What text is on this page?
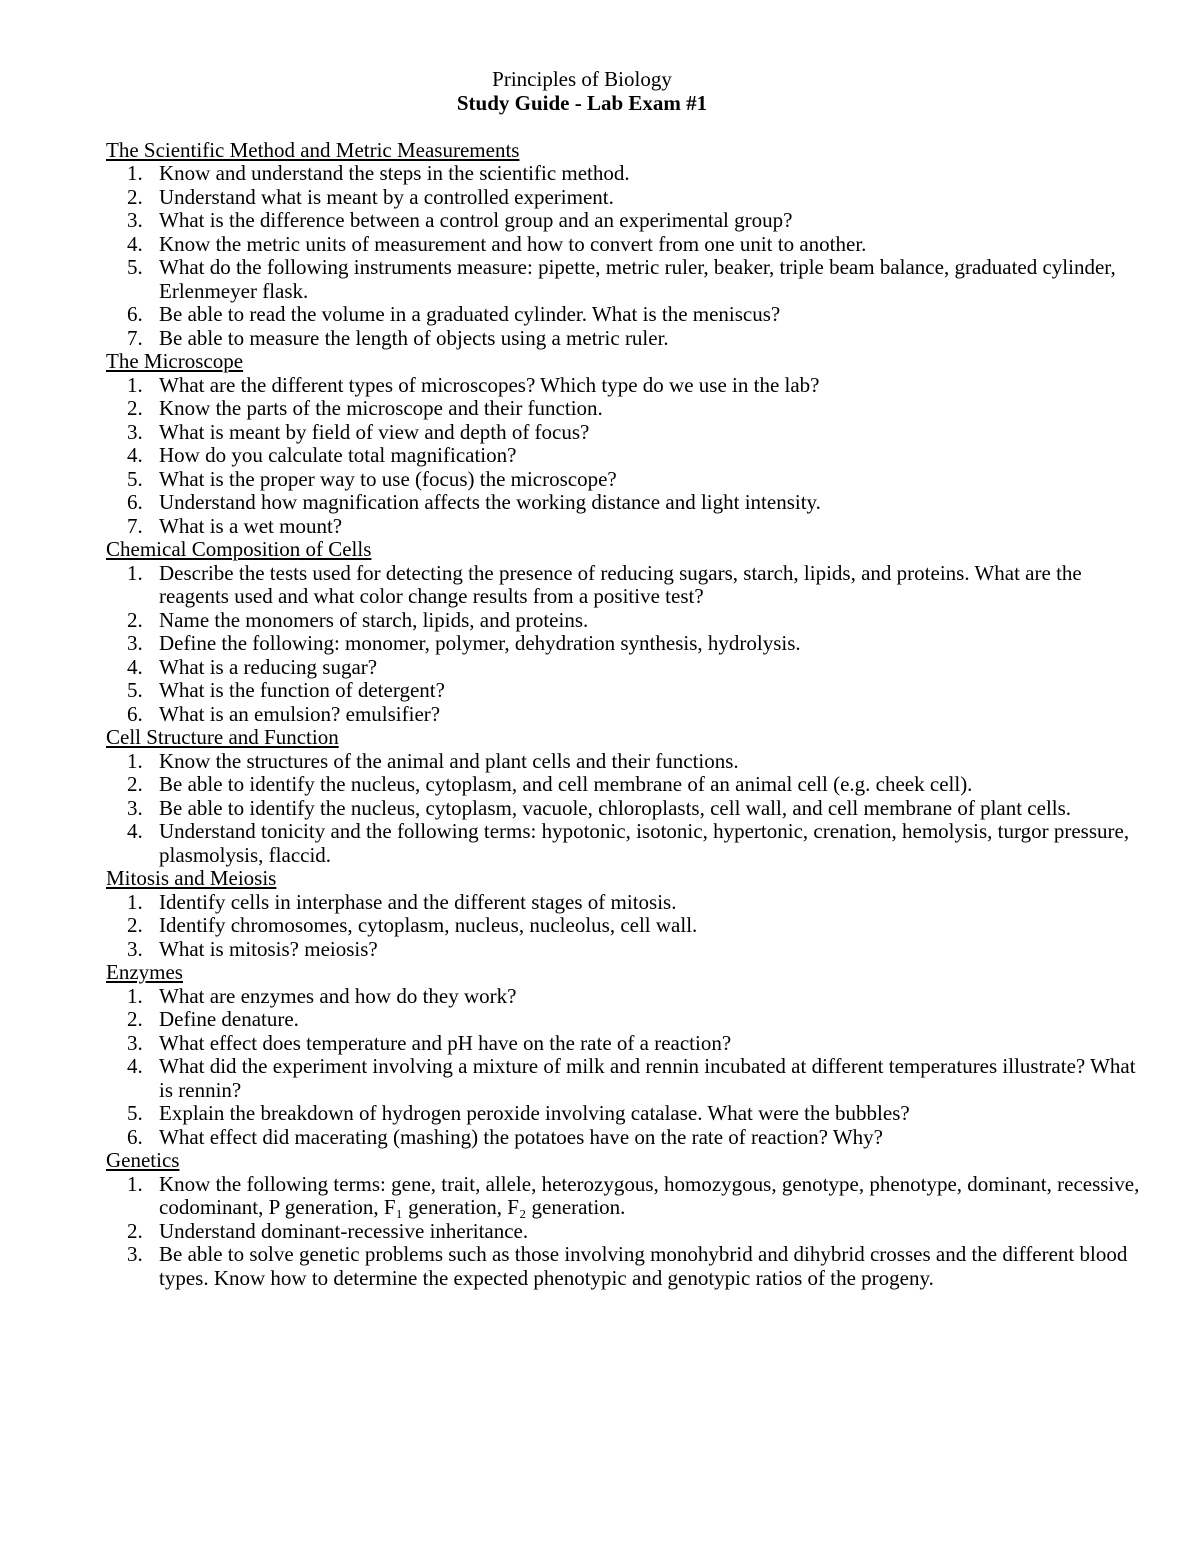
Principles of Biology
Study Guide - Lab Exam #1
The Scientific Method and Metric Measurements
1. Know and understand the steps in the scientific method.
2. Understand what is meant by a controlled experiment.
3. What is the difference between a control group and an experimental group?
4. Know the metric units of measurement and how to convert from one unit to another.
5. What do the following instruments measure: pipette, metric ruler, beaker, triple beam balance, graduated cylinder, Erlenmeyer flask.
6. Be able to read the volume in a graduated cylinder. What is the meniscus?
7. Be able to measure the length of objects using a metric ruler.
The Microscope
1. What are the different types of microscopes? Which type do we use in the lab?
2. Know the parts of the microscope and their function.
3. What is meant by field of view and depth of focus?
4. How do you calculate total magnification?
5. What is the proper way to use (focus) the microscope?
6. Understand how magnification affects the working distance and light intensity.
7. What is a wet mount?
Chemical Composition of Cells
1. Describe the tests used for detecting the presence of reducing sugars, starch, lipids, and proteins. What are the reagents used and what color change results from a positive test?
2. Name the monomers of starch, lipids, and proteins.
3. Define the following: monomer, polymer, dehydration synthesis, hydrolysis.
4. What is a reducing sugar?
5. What is the function of detergent?
6. What is an emulsion? emulsifier?
Cell Structure and Function
1. Know the structures of the animal and plant cells and their functions.
2. Be able to identify the nucleus, cytoplasm, and cell membrane of an animal cell (e.g. cheek cell).
3. Be able to identify the nucleus, cytoplasm, vacuole, chloroplasts, cell wall, and cell membrane of plant cells.
4. Understand tonicity and the following terms: hypotonic, isotonic, hypertonic, crenation, hemolysis, turgor pressure, plasmolysis, flaccid.
Mitosis and Meiosis
1. Identify cells in interphase and the different stages of mitosis.
2. Identify chromosomes, cytoplasm, nucleus, nucleolus, cell wall.
3. What is mitosis? meiosis?
Enzymes
1. What are enzymes and how do they work?
2. Define denature.
3. What effect does temperature and pH have on the rate of a reaction?
4. What did the experiment involving a mixture of milk and rennin incubated at different temperatures illustrate? What is rennin?
5. Explain the breakdown of hydrogen peroxide involving catalase. What were the bubbles?
6. What effect did macerating (mashing) the potatoes have on the rate of reaction? Why?
Genetics
1. Know the following terms: gene, trait, allele, heterozygous, homozygous, genotype, phenotype, dominant, recessive, codominant, P generation, F₁ generation, F₂ generation.
2. Understand dominant-recessive inheritance.
3. Be able to solve genetic problems such as those involving monohybrid and dihybrid crosses and the different blood types. Know how to determine the expected phenotypic and genotypic ratios of the progeny.
